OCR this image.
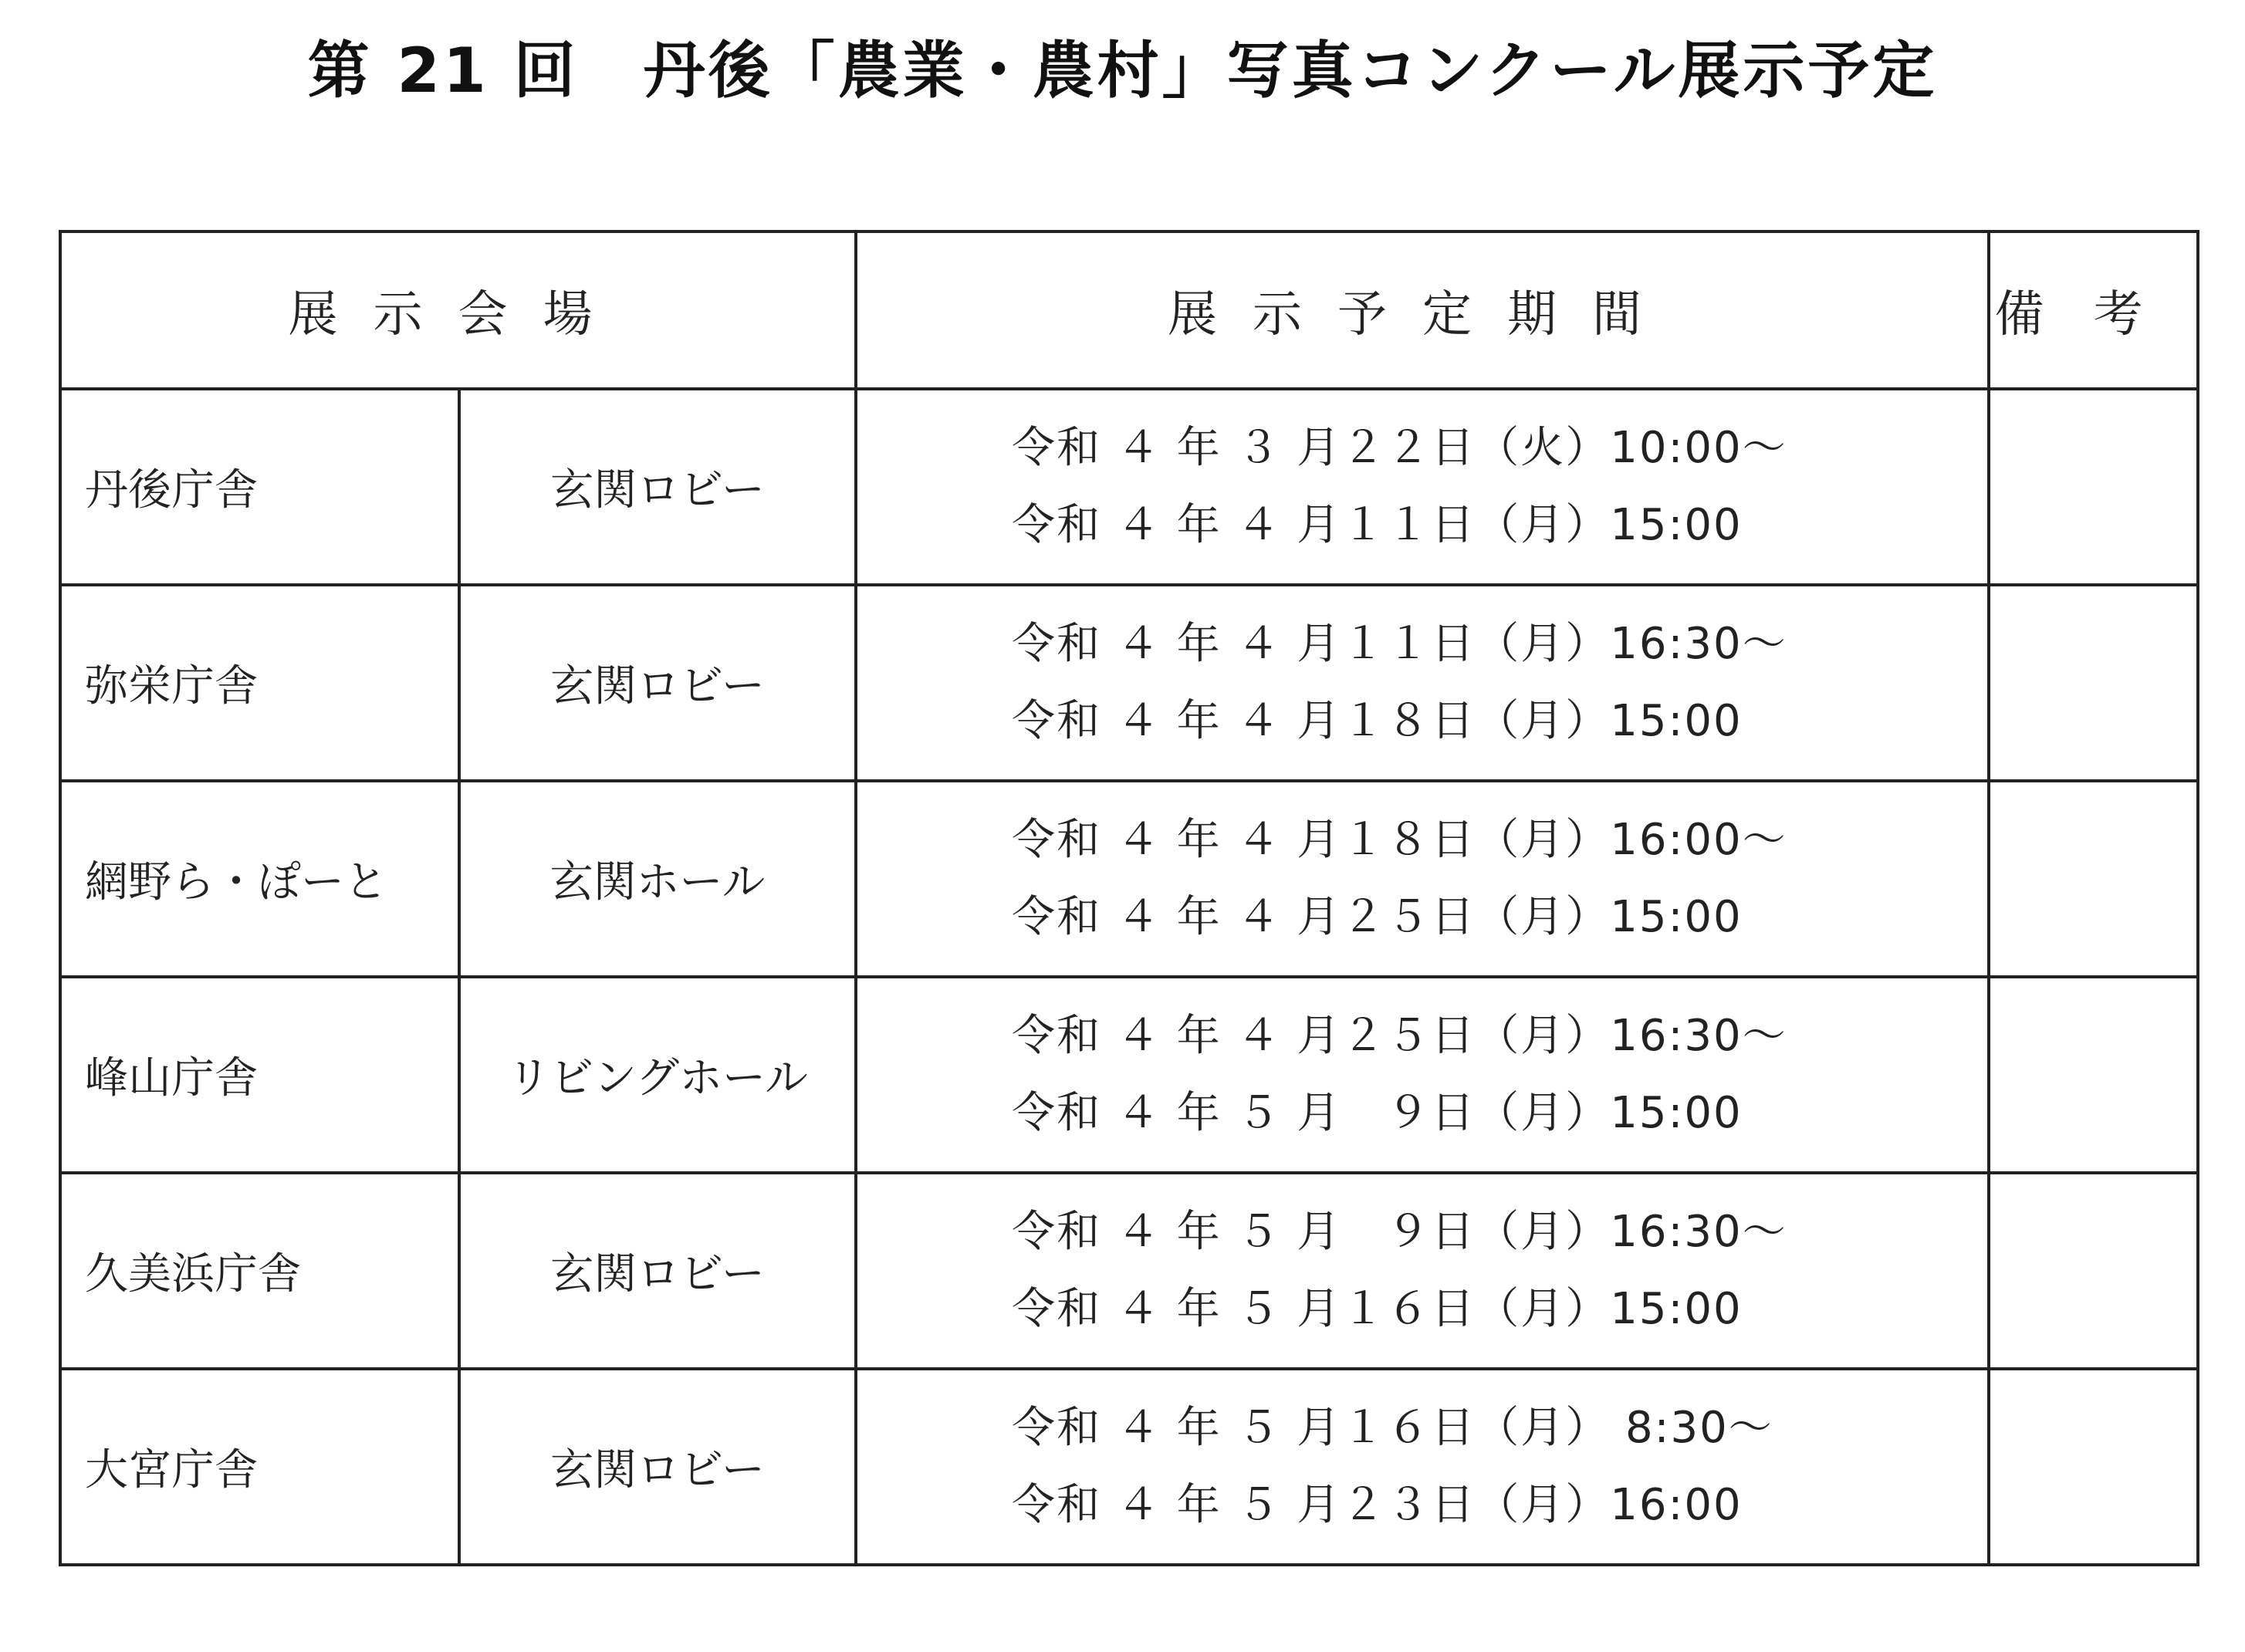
第 21 回　丹後「農業・農村」写真コンクール展示予定
展示会場		展示予定期間	備考
丹後庁舎	玄関ロビー	令和 ４ 年 ３ 月２２日（火）10:00～
令和 ４ 年 ４ 月１１日（月）15:00	

弥栄庁舎	玄関ロビー	令和 ４ 年 ４ 月１１日（月）16:30～
令和 ４ 年 ４ 月１８日（月）15:00	

網野ら・ぽーと	玄関ホール	令和 ４ 年 ４ 月１８日（月）16:00～
令和 ４ 年 ４ 月２５日（月）15:00	

峰山庁舎	リビングホール	令和 ４ 年 ４ 月２５日（月）16:30～
令和 ４ 年 ５ 月　９日（月）15:00	

久美浜庁舎	玄関ロビー	令和 ４ 年 ５ 月　９日（月）16:30～
令和 ４ 年 ５ 月１６日（月）15:00	

大宮庁舎	玄関ロビー	令和 ４ 年 ５ 月１６日（月） 8:30～
令和 ４ 年 ５ 月２３日（月）16:00	
